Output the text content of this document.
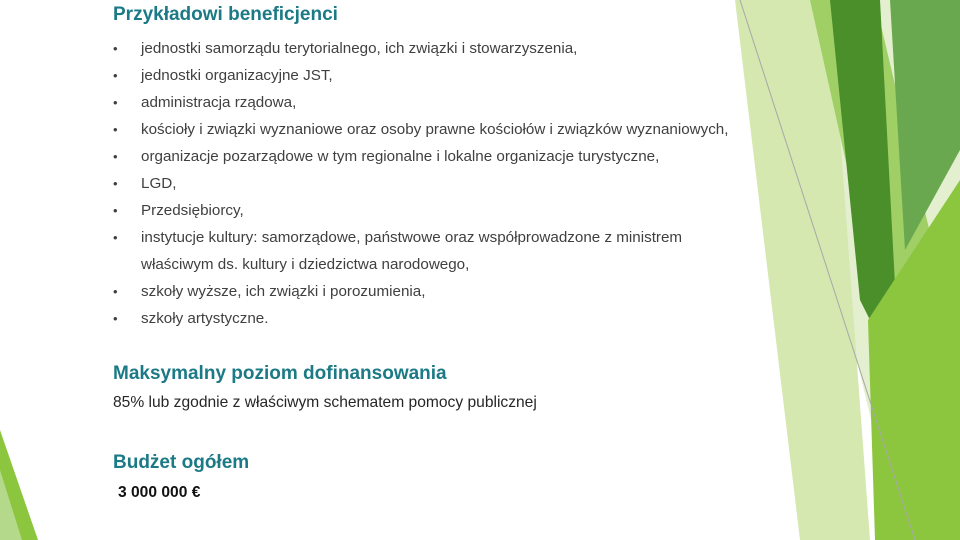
Przykładowi beneficjenci
• jednostki samorządu terytorialnego, ich związki i stowarzyszenia,
• jednostki organizacyjne JST,
• administracja rządowa,
• kościoły i związki wyznaniowe oraz osoby prawne kościołów i związków wyznaniowych,
• organizacje pozarządowe w tym regionalne i lokalne organizacje turystyczne,
• LGD,
• Przedsiębiorcy,
• instytucje kultury: samorządowe, państwowe oraz współprowadzone z ministrem właściwym ds. kultury i dziedzictwa narodowego,
• szkoły wyższe, ich związki i porozumienia,
• szkoły artystyczne.
Maksymalny poziom dofinansowania

85% lub zgodnie z właściwym schematem pomocy publicznej

Budżet ogółem

3 000 000 €
